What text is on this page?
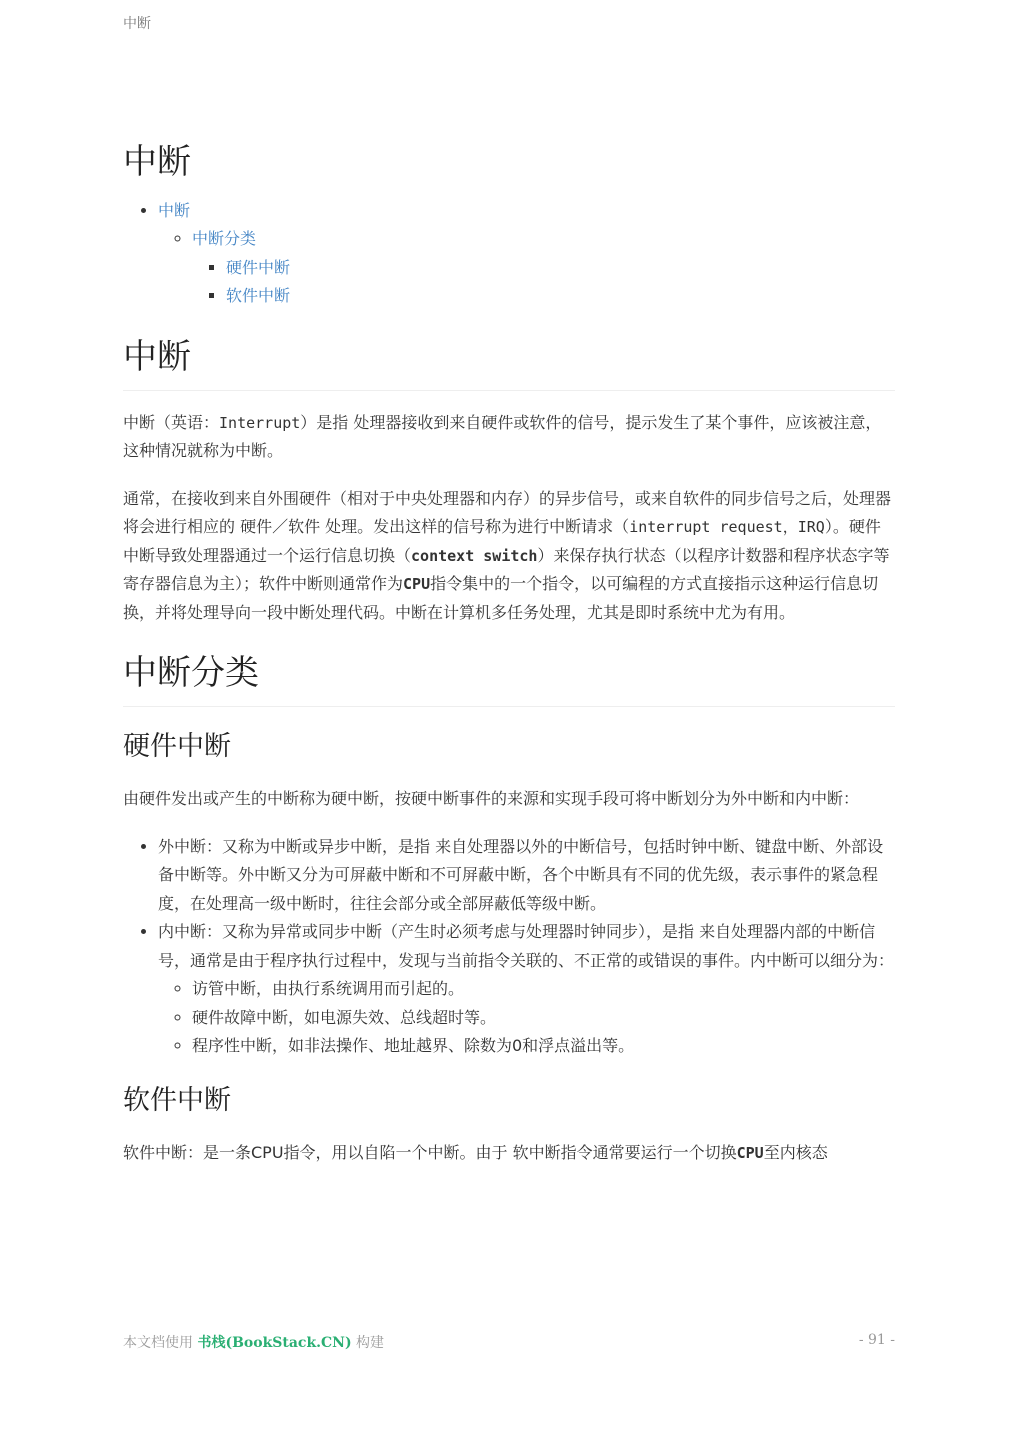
中断
中断
• 中断
◦ 中断分类
▪ 硬件中断
▪ 软件中断
中断

中断（英语：Interrupt）是指 处理器接收到来自硬件或软件的信号，提示发生了某个事件，应该被注意，这种情况就称为中断。

通常，在接收到来自外围硬件（相对于中央处理器和内存）的异步信号，或来自软件的同步信号之后，处理器将会进行相应的 硬件／软件 处理。发出这样的信号称为进行中断请求（interrupt request，IRQ）。硬件中断导致处理器通过一个运行信息切换（context switch）来保存执行状态（以程序计数器和程序状态字等寄存器信息为主）；软件中断则通常作为CPU指令集中的一个指令，以可编程的方式直接指示这种运行信息切换，并将处理导向一段中断处理代码。中断在计算机多任务处理，尤其是即时系统中尤为有用。

中断分类
硬件中断

由硬件发出或产生的中断称为硬中断，按硬中断事件的来源和实现手段可将中断划分为外中断和内中断：

• 外中断：又称为中断或异步中断，是指 来自处理器以外的中断信号，包括时钟中断、键盘中断、外部设备中断等。外中断又分为可屏蔽中断和不可屏蔽中断，各个中断具有不同的优先级，表示事件的紧急程度，在处理高一级中断时，往往会部分或全部屏蔽低等级中断。
• 内中断：又称为异常或同步中断（产生时必须考虑与处理器时钟同步），是指 来自处理器内部的中断信号，通常是由于程序执行过程中，发现与当前指令关联的、不正常的或错误的事件。内中断可以细分为：
◦ 访管中断，由执行系统调用而引起的。
◦ 硬件故障中断，如电源失效、总线超时等。
◦ 程序性中断，如非法操作、地址越界、除数为0和浮点溢出等。
软件中断

软件中断：是一条CPU指令，用以自陷一个中断。由于 软中断指令通常要运行一个切换CPU至内核态

本文档使用 书栈(BookStack.CN) 构建	- 91 -
